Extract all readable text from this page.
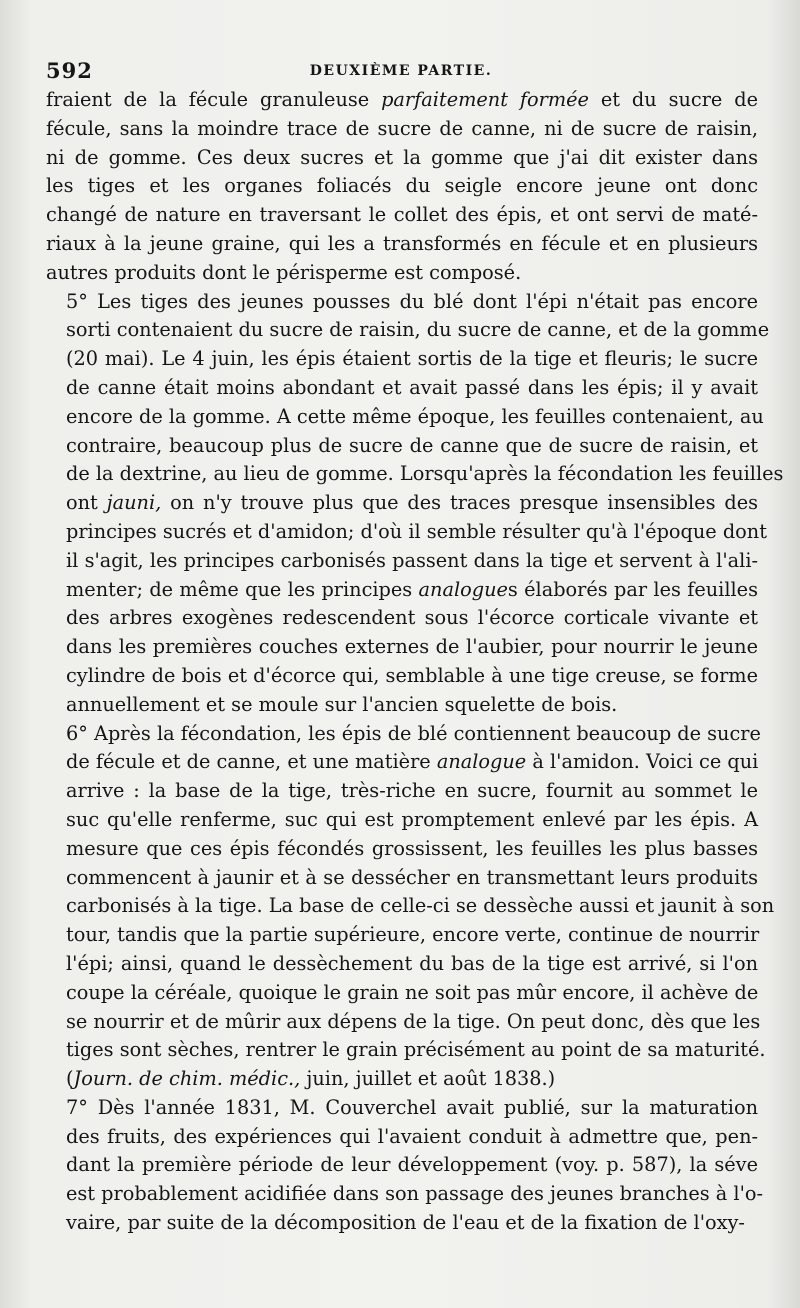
592	DEUXIÈME PARTIE.

fraient de la fécule granuleuse parfaitement formée et du sucre de
fécule, sans la moindre trace de sucre de canne, ni de sucre de raisin,
ni de gomme. Ces deux sucres et la gomme que j'ai dit exister dans
les tiges et les organes foliacés du seigle encore jeune ont donc
changé de nature en traversant le collet des épis, et ont servi de maté-
riaux à la jeune graine, qui les a transformés en fécule et en plusieurs
autres produits dont le périsperme est composé.

5° Les tiges des jeunes pousses du blé dont l'épi n'était pas encore
sorti contenaient du sucre de raisin, du sucre de canne, et de la gomme
(20 mai). Le 4 juin, les épis étaient sortis de la tige et fleuris; le sucre
de canne était moins abondant et avait passé dans les épis; il y avait
encore de la gomme. A cette même époque, les feuilles contenaient, au
contraire, beaucoup plus de sucre de canne que de sucre de raisin, et
de la dextrine, au lieu de gomme. Lorsqu'après la fécondation les feuilles
ont jauni, on n'y trouve plus que des traces presque insensibles des
principes sucrés et d'amidon; d'où il semble résulter qu'à l'époque dont
il s'agit, les principes carbonisés passent dans la tige et servent à l'ali-
menter; de même que les principes analogues élaborés par les feuilles
des arbres exogènes redescendent sous l'écorce corticale vivante et
dans les premières couches externes de l'aubier, pour nourrir le jeune
cylindre de bois et d'écorce qui, semblable à une tige creuse, se forme
annuellement et se moule sur l'ancien squelette de bois.

6° Après la fécondation, les épis de blé contiennent beaucoup de sucre
de fécule et de canne, et une matière analogue à l'amidon. Voici ce qui
arrive : la base de la tige, très-riche en sucre, fournit au sommet le
suc qu'elle renferme, suc qui est promptement enlevé par les épis. A
mesure que ces épis fécondés grossissent, les feuilles les plus basses
commencent à jaunir et à se dessécher en transmettant leurs produits
carbonisés à la tige. La base de celle-ci se dessèche aussi et jaunit à son
tour, tandis que la partie supérieure, encore verte, continue de nourrir
l'épi; ainsi, quand le dessèchement du bas de la tige est arrivé, si l'on
coupe la céréale, quoique le grain ne soit pas mûr encore, il achève de
se nourrir et de mûrir aux dépens de la tige. On peut donc, dès que les
tiges sont sèches, rentrer le grain précisément au point de sa maturité.
(Journ. de chim. médic., juin, juillet et août 1838.)

7° Dès l'année 1831, M. Couverchel avait publié, sur la maturation
des fruits, des expériences qui l'avaient conduit à admettre que, pen-
dant la première période de leur développement (voy. p. 587), la séve
est probablement acidifiée dans son passage des jeunes branches à l'o-
vaire, par suite de la décomposition de l'eau et de la fixation de l'oxy-
